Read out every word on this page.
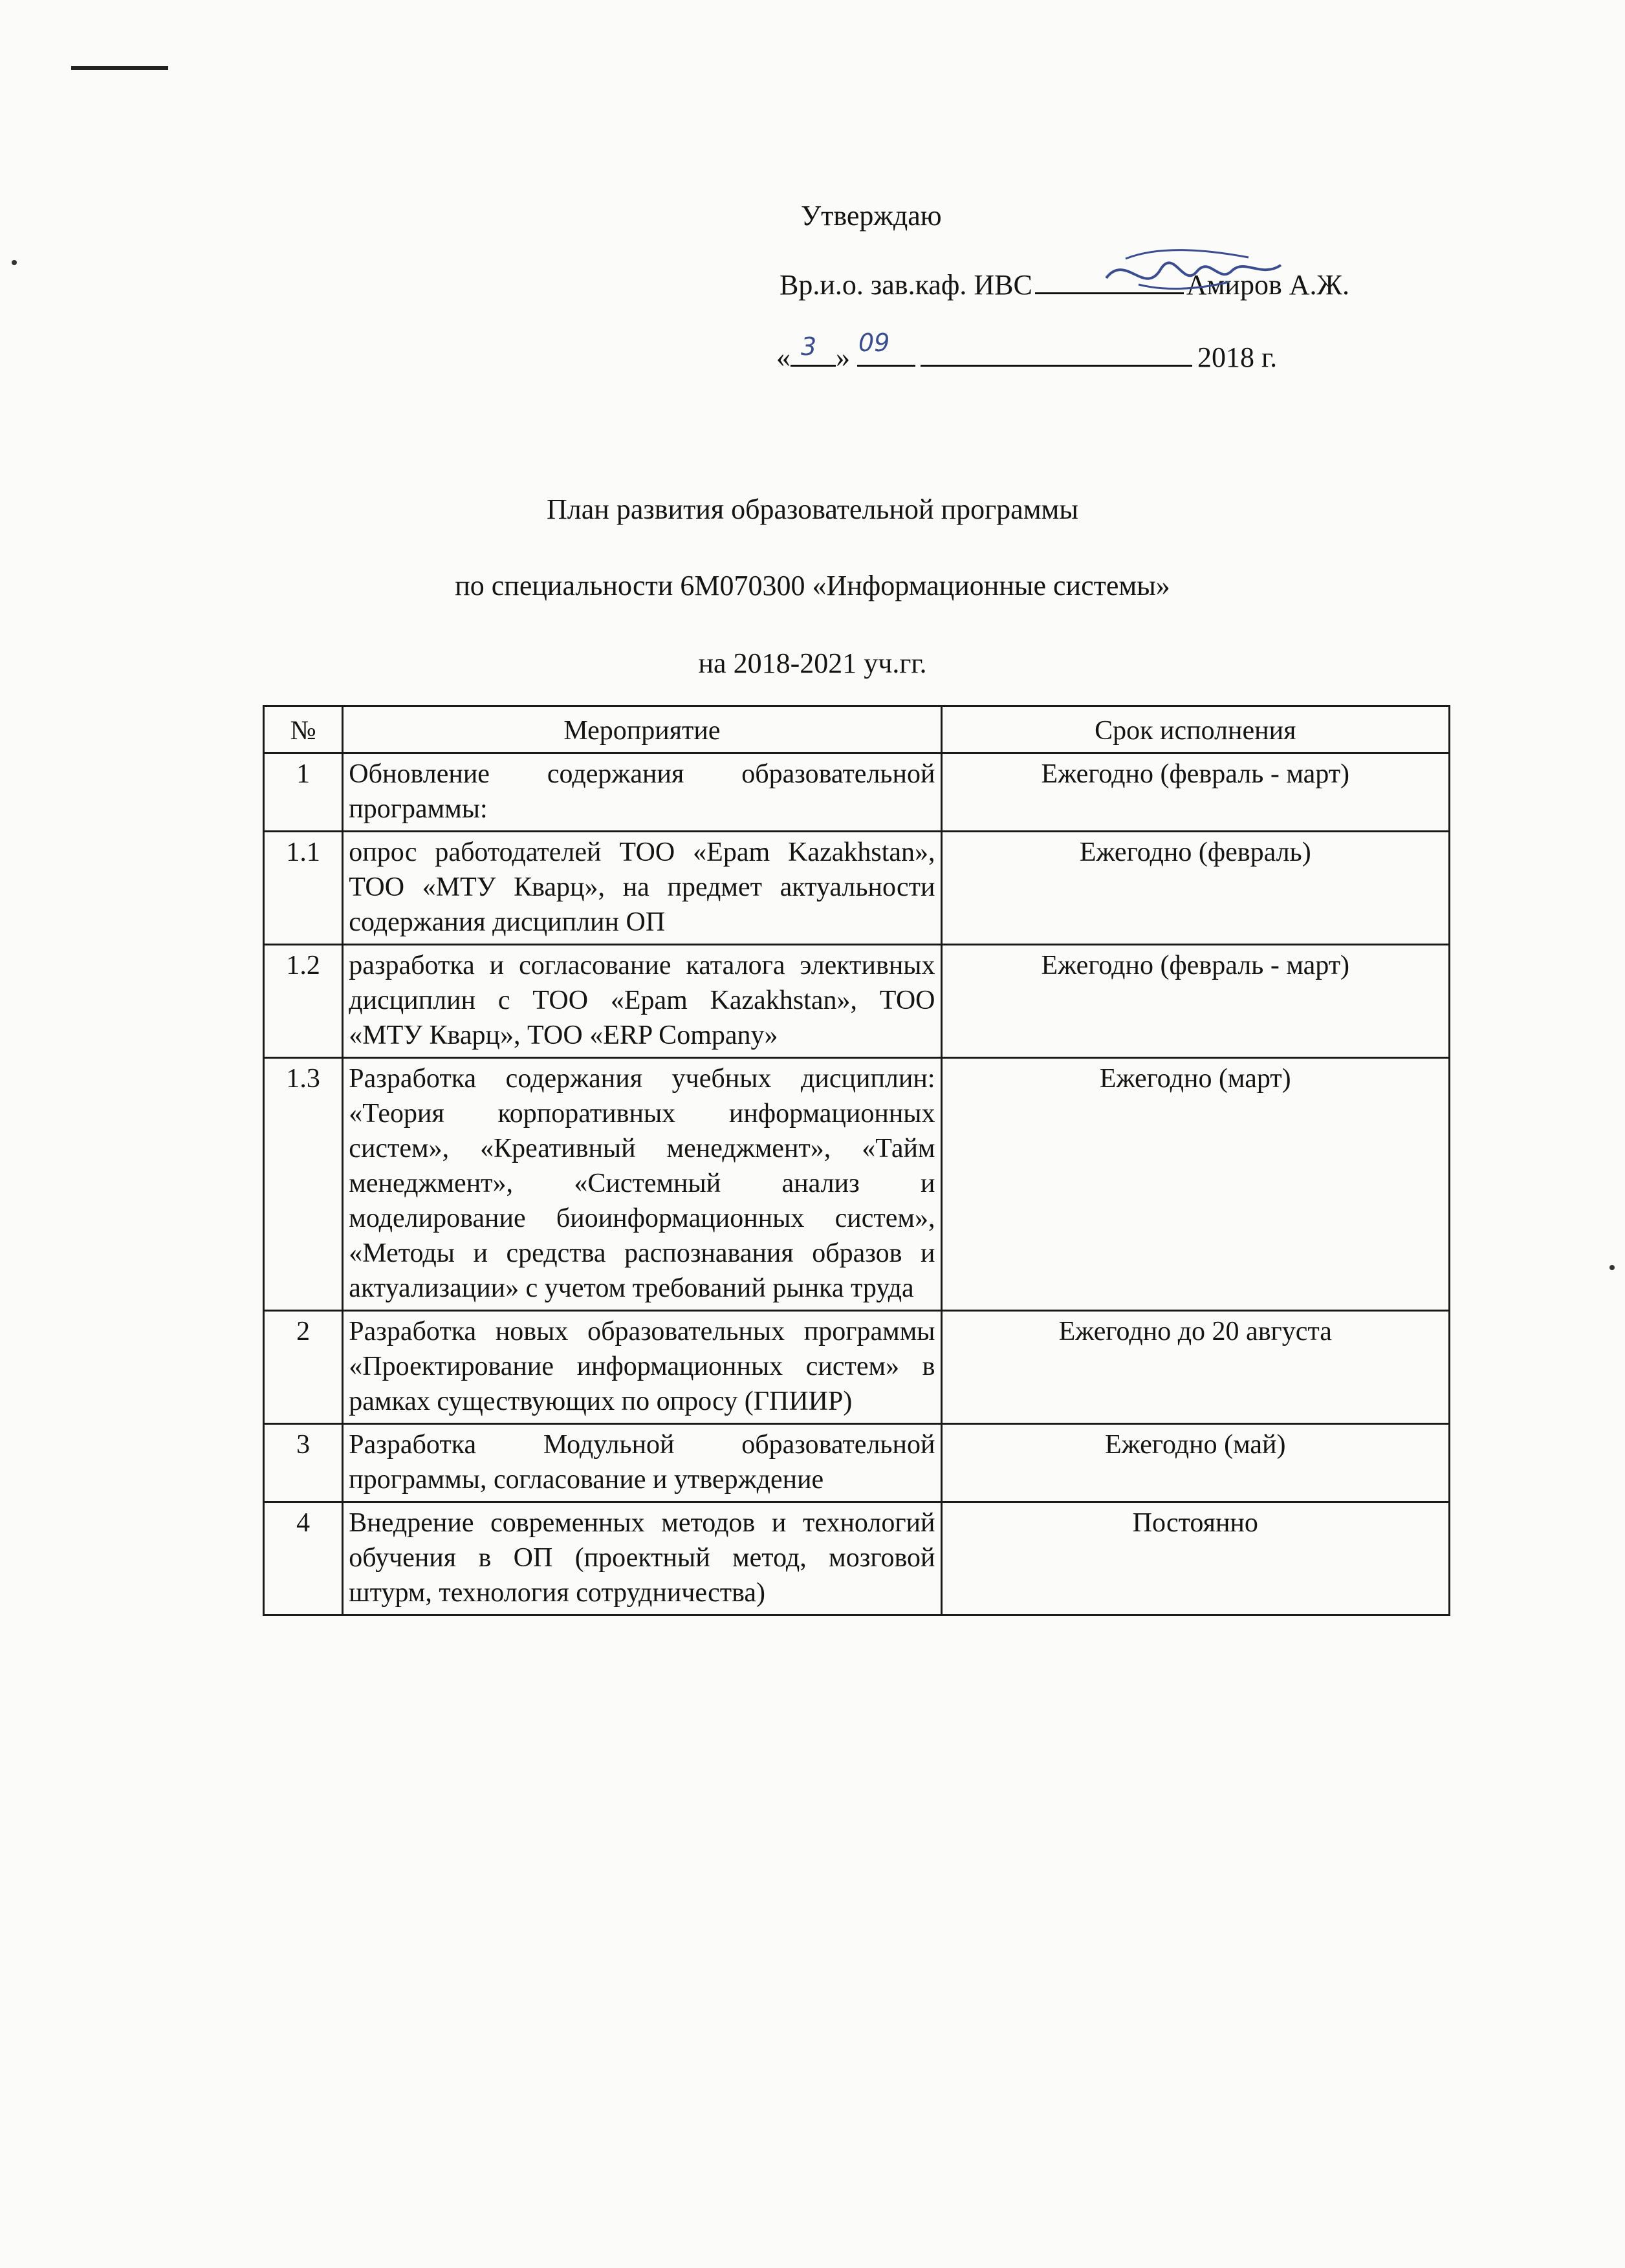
Утверждаю
Вр.и.о. зав.каф. ИВС	Амиров А.Ж.
« 3 » 09	2018 г.
План развития образовательной программы
по специальности 6М070300 «Информационные системы»
на 2018-2021 уч.гг.
№	Мероприятие	Срок исполнения
1	Обновление содержания образовательной программы:	Ежегодно (февраль - март)
1.1	опрос работодателей ТОО «Epam Kazakhstan», ТОО «МТУ Кварц», на предмет актуальности содержания дисциплин ОП	Ежегодно (февраль)
1.2	разработка и согласование каталога элективных дисциплин с ТОО «Epam Kazakhstan», ТОО «МТУ Кварц», ТОО «ERP Company»	Ежегодно (февраль - март)
1.3	Разработка содержания учебных дисциплин: «Теория корпоративных информационных систем», «Креативный менеджмент», «Тайм менеджмент», «Системный анализ и моделирование биоинформационных систем», «Методы и средства распознавания образов и актуализации» с учетом требований рынка труда	Ежегодно (март)
2	Разработка новых образовательных программы «Проектирование информационных систем» в рамках существующих по опросу (ГПИИР)	Ежегодно до 20 августа
3	Разработка Модульной образовательной программы, согласование и утверждение	Ежегодно (май)
4	Внедрение современных методов и технологий обучения в ОП (проектный метод, мозговой штурм, технология сотрудничества)	Постоянно
